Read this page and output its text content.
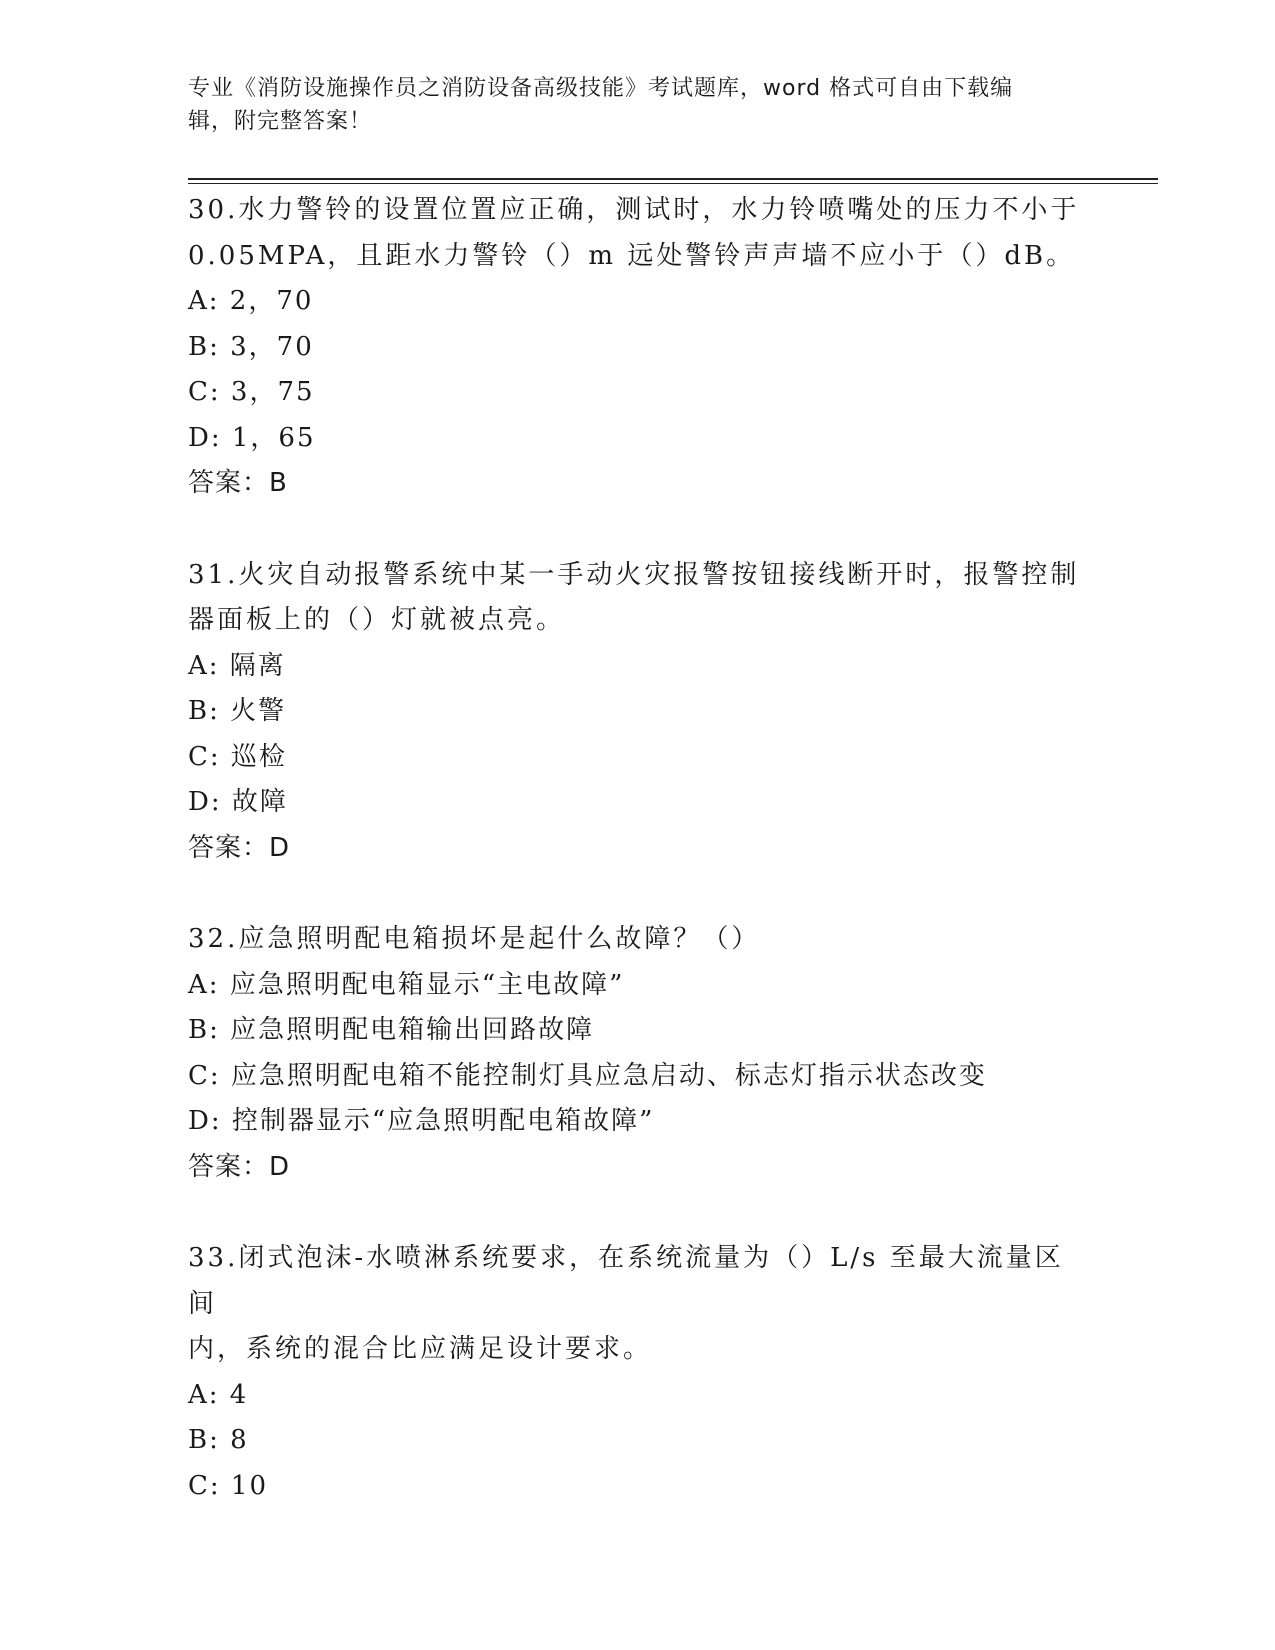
专业《消防设施操作员之消防设备高级技能》考试题库，word 格式可自由下载编
辑，附完整答案！
30.水力警铃的设置位置应正确，测试时，水力铃喷嘴处的压力不小于
0.05MPA，且距水力警铃（）m 远处警铃声声墙不应小于（）dB。
A: 2，70
B: 3，70
C: 3，75
D: 1，65
答案：B
31.火灾自动报警系统中某一手动火灾报警按钮接线断开时，报警控制
器面板上的（）灯就被点亮。
A: 隔离
B: 火警
C: 巡检
D: 故障
答案：D
32.应急照明配电箱损坏是起什么故障？（）
A: 应急照明配电箱显示“主电故障”
B: 应急照明配电箱输出回路故障
C: 应急照明配电箱不能控制灯具应急启动、标志灯指示状态改变
D: 控制器显示“应急照明配电箱故障”
答案：D
33.闭式泡沫-水喷淋系统要求，在系统流量为（）L/s 至最大流量区间
内，系统的混合比应满足设计要求。
A: 4
B: 8
C: 10
